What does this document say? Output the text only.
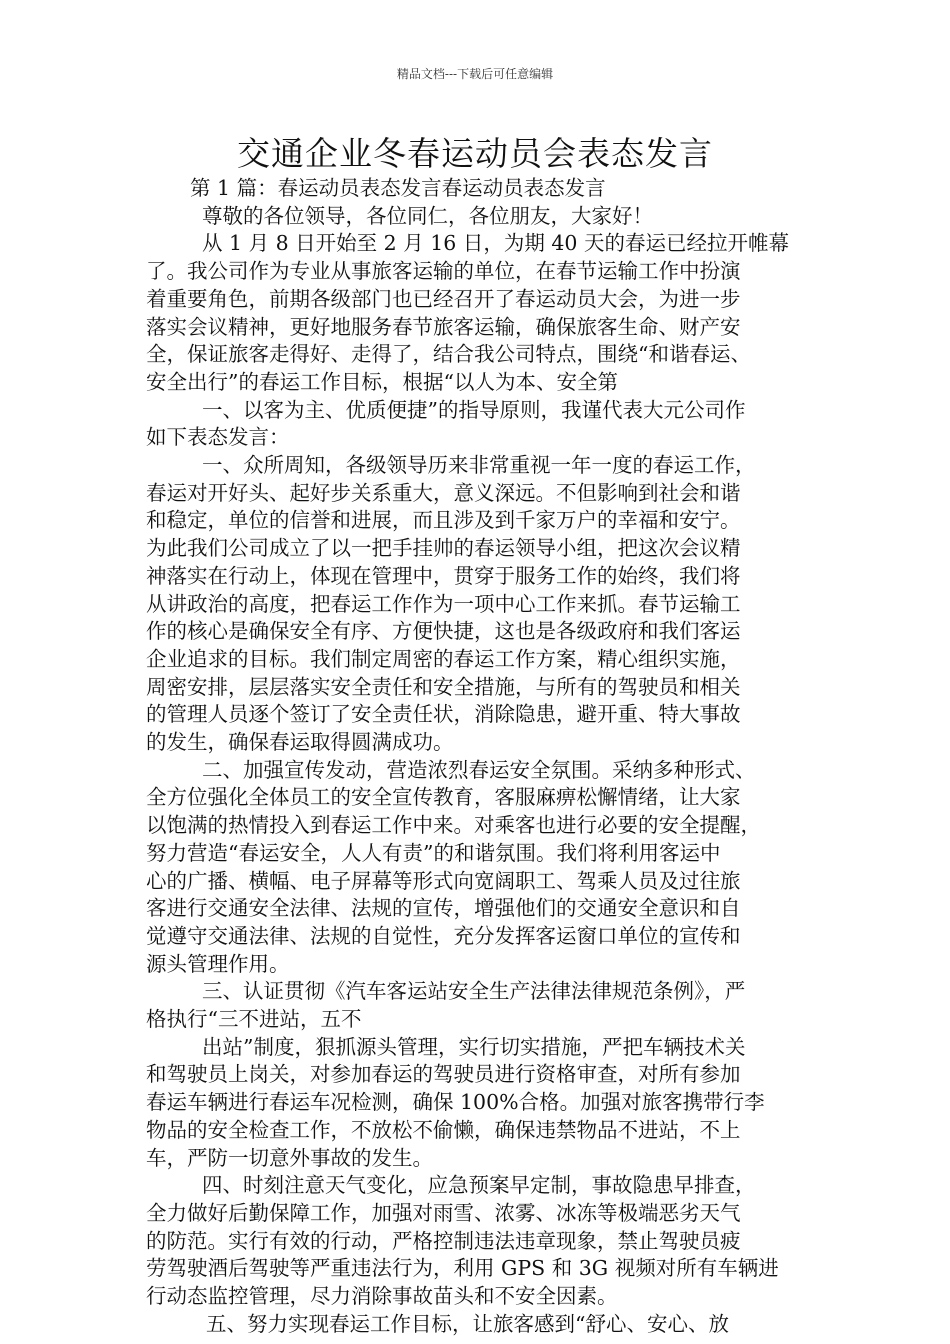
精品文档---下载后可任意编辑
交通企业冬春运动员会表态发言
第 1 篇：春运动员表态发言春运动员表态发言
尊敬的各位领导，各位同仁，各位朋友，大家好！
从 1 月 8 日开始至 2 月 16 日，为期 40 天的春运已经拉开帷幕
了。我公司作为专业从事旅客运输的单位，在春节运输工作中扮演
着重要角色，前期各级部门也已经召开了春运动员大会，为进一步
落实会议精神，更好地服务春节旅客运输，确保旅客生命、财产安
全，保证旅客走得好、走得了，结合我公司特点，围绕“和谐春运、
安全出行”的春运工作目标，根据“以人为本、安全第
一、以客为主、优质便捷”的指导原则，我谨代表大元公司作
如下表态发言：
一、众所周知，各级领导历来非常重视一年一度的春运工作，
春运对开好头、起好步关系重大，意义深远。不但影响到社会和谐
和稳定，单位的信誉和进展，而且涉及到千家万户的幸福和安宁。
为此我们公司成立了以一把手挂帅的春运领导小组，把这次会议精
神落实在行动上，体现在管理中，贯穿于服务工作的始终，我们将
从讲政治的高度，把春运工作作为一项中心工作来抓。春节运输工
作的核心是确保安全有序、方便快捷，这也是各级政府和我们客运
企业追求的目标。我们制定周密的春运工作方案，精心组织实施，
周密安排，层层落实安全责任和安全措施，与所有的驾驶员和相关
的管理人员逐个签订了安全责任状，消除隐患，避开重、特大事故
的发生，确保春运取得圆满成功。
二、加强宣传发动，营造浓烈春运安全氛围。采纳多种形式、
全方位强化全体员工的安全宣传教育，客服麻痹松懈情绪，让大家
以饱满的热情投入到春运工作中来。对乘客也进行必要的安全提醒，
努力营造“春运安全，人人有责”的和谐氛围。我们将利用客运中
心的广播、横幅、电子屏幕等形式向宽阔职工、驾乘人员及过往旅
客进行交通安全法律、法规的宣传，增强他们的交通安全意识和自
觉遵守交通法律、法规的自觉性，充分发挥客运窗口单位的宣传和
源头管理作用。
三、认证贯彻《汽车客运站安全生产法律法律规范条例》，严
格执行“三不进站，五不
出站”制度，狠抓源头管理，实行切实措施，严把车辆技术关
和驾驶员上岗关，对参加春运的驾驶员进行资格审查，对所有参加
春运车辆进行春运车况检测，确保 100%合格。加强对旅客携带行李
物品的安全检查工作，不放松不偷懒，确保违禁物品不进站，不上
车，严防一切意外事故的发生。
四、时刻注意天气变化，应急预案早定制，事故隐患早排查，
全力做好后勤保障工作，加强对雨雪、浓雾、冰冻等极端恶劣天气
的防范。实行有效的行动，严格控制违法违章现象，禁止驾驶员疲
劳驾驶酒后驾驶等严重违法行为，利用 GPS 和 3G 视频对所有车辆进
行动态监控管理，尽力消除事故苗头和不安全因素。
五、努力实现春运工作目标，让旅客感到“舒心、安心、放
